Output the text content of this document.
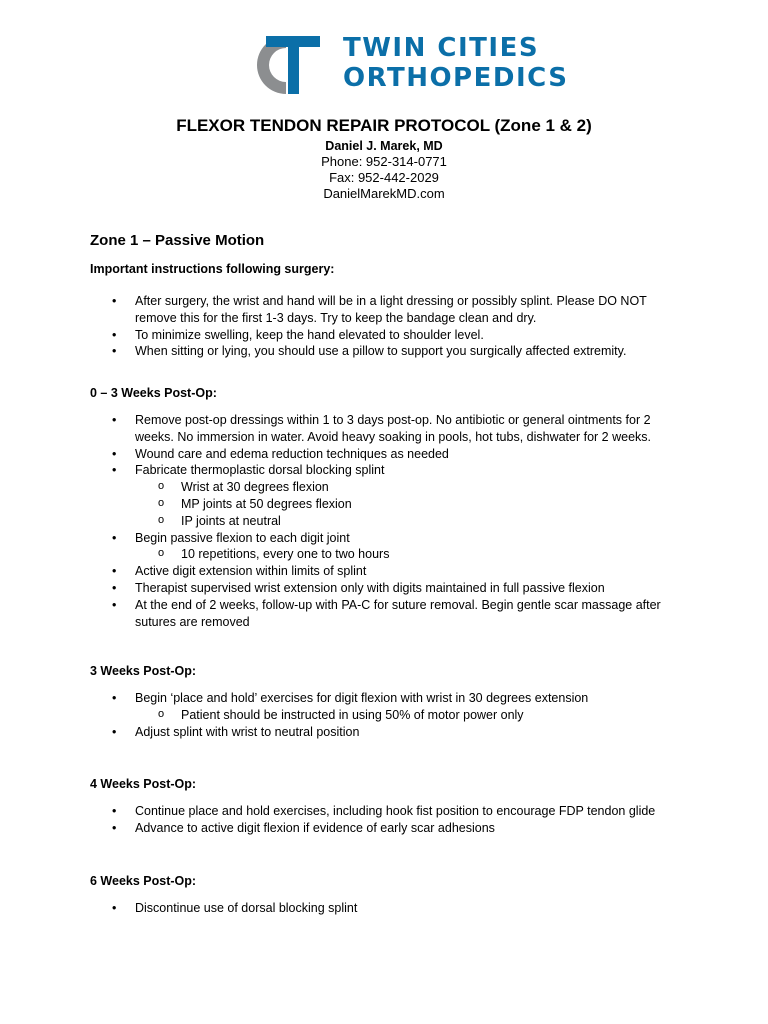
TWIN CITIES
ORTHOPEDICS
FLEXOR TENDON REPAIR PROTOCOL (Zone 1 & 2)
Daniel J. Marek, MD
Phone: 952-314-0771
Fax: 952-442-2029
DanielMarekMD.com
Zone 1 – Passive Motion
Important instructions following surgery:
• After surgery, the wrist and hand will be in a light dressing or possibly splint. Please DO NOT remove this for the first 1-3 days. Try to keep the bandage clean and dry.
• To minimize swelling, keep the hand elevated to shoulder level.
• When sitting or lying, you should use a pillow to support you surgically affected extremity.
0 – 3 Weeks Post-Op:
• Remove post-op dressings within 1 to 3 days post-op. No antibiotic or general ointments for 2 weeks. No immersion in water. Avoid heavy soaking in pools, hot tubs, dishwater for 2 weeks.
• Wound care and edema reduction techniques as needed
• Fabricate thermoplastic dorsal blocking splint
o Wrist at 30 degrees flexion
o MP joints at 50 degrees flexion
o IP joints at neutral
• Begin passive flexion to each digit joint
o 10 repetitions, every one to two hours
• Active digit extension within limits of splint
• Therapist supervised wrist extension only with digits maintained in full passive flexion
• At the end of 2 weeks, follow-up with PA-C for suture removal. Begin gentle scar massage after sutures are removed
3 Weeks Post-Op:
• Begin ‘place and hold’ exercises for digit flexion with wrist in 30 degrees extension
o Patient should be instructed in using 50% of motor power only
• Adjust splint with wrist to neutral position
4 Weeks Post-Op:
• Continue place and hold exercises, including hook fist position to encourage FDP tendon glide
• Advance to active digit flexion if evidence of early scar adhesions
6 Weeks Post-Op:
• Discontinue use of dorsal blocking splint
